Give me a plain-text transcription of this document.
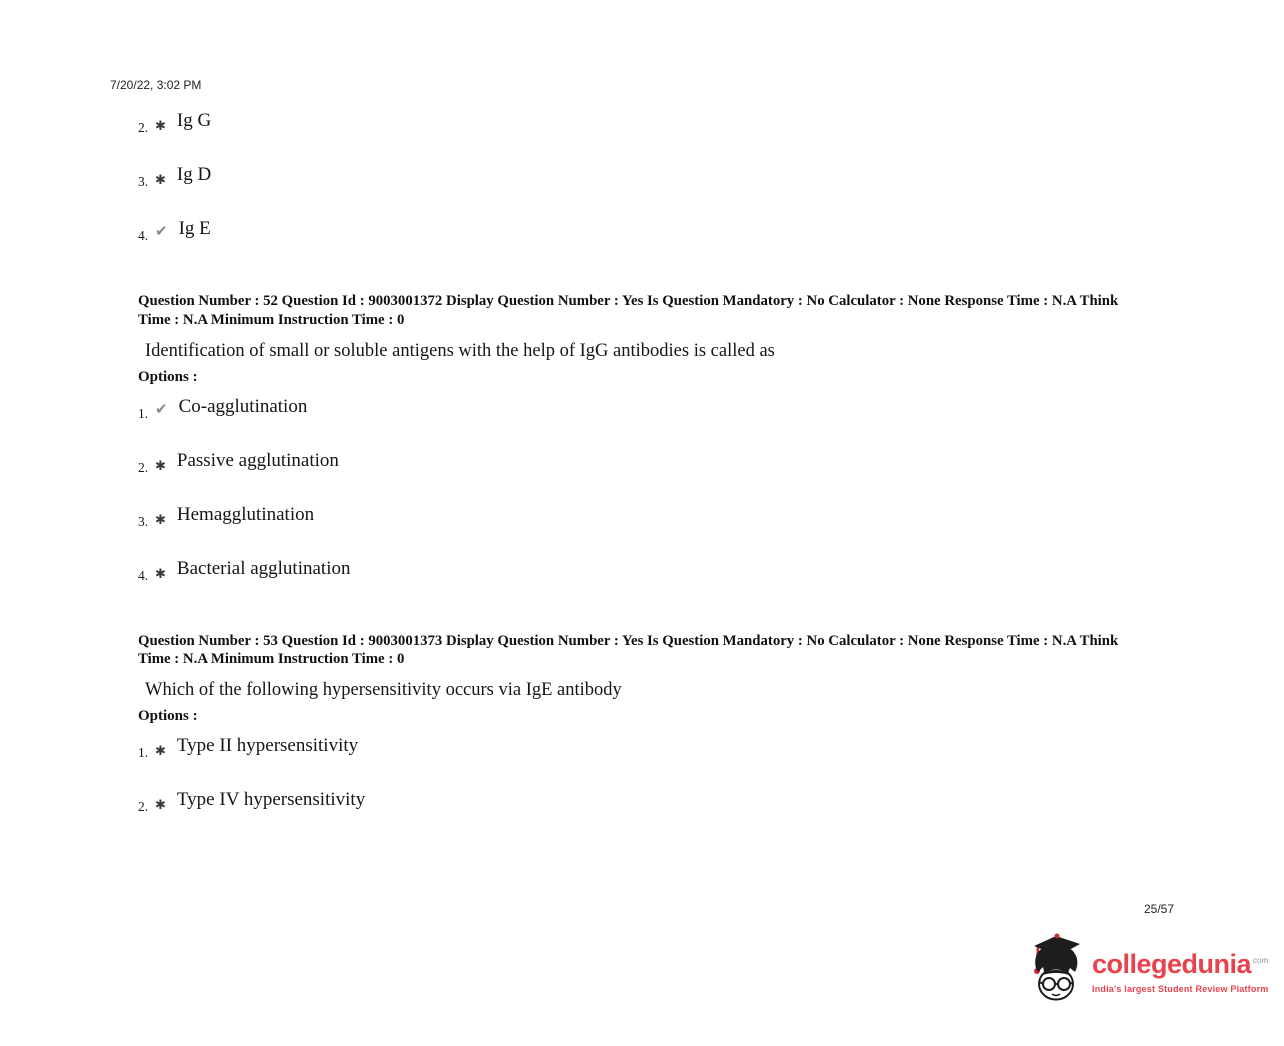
7/20/22, 3:02 PM
2. ✱ Ig G
3. ✱ Ig D
4. ✔ Ig E

Question Number : 52 Question Id : 9003001372 Display Question Number : Yes Is Question Mandatory : No Calculator : None Response Time : N.A Think Time : N.A Minimum Instruction Time : 0

Identification of small or soluble antigens with the help of IgG antibodies is called as

Options :

1. ✔ Co-agglutination
2. ✱ Passive agglutination
3. ✱ Hemagglutination
4. ✱ Bacterial agglutination

Question Number : 53 Question Id : 9003001373 Display Question Number : Yes Is Question Mandatory : No Calculator : None Response Time : N.A Think Time : N.A Minimum Instruction Time : 0

Which of the following hypersensitivity occurs via IgE antibody

Options :

1. ✱ Type II hypersensitivity
2. ✱ Type IV hypersensitivity
25/57
collegedunia $^{com}$
India's largest Student Review Platform
